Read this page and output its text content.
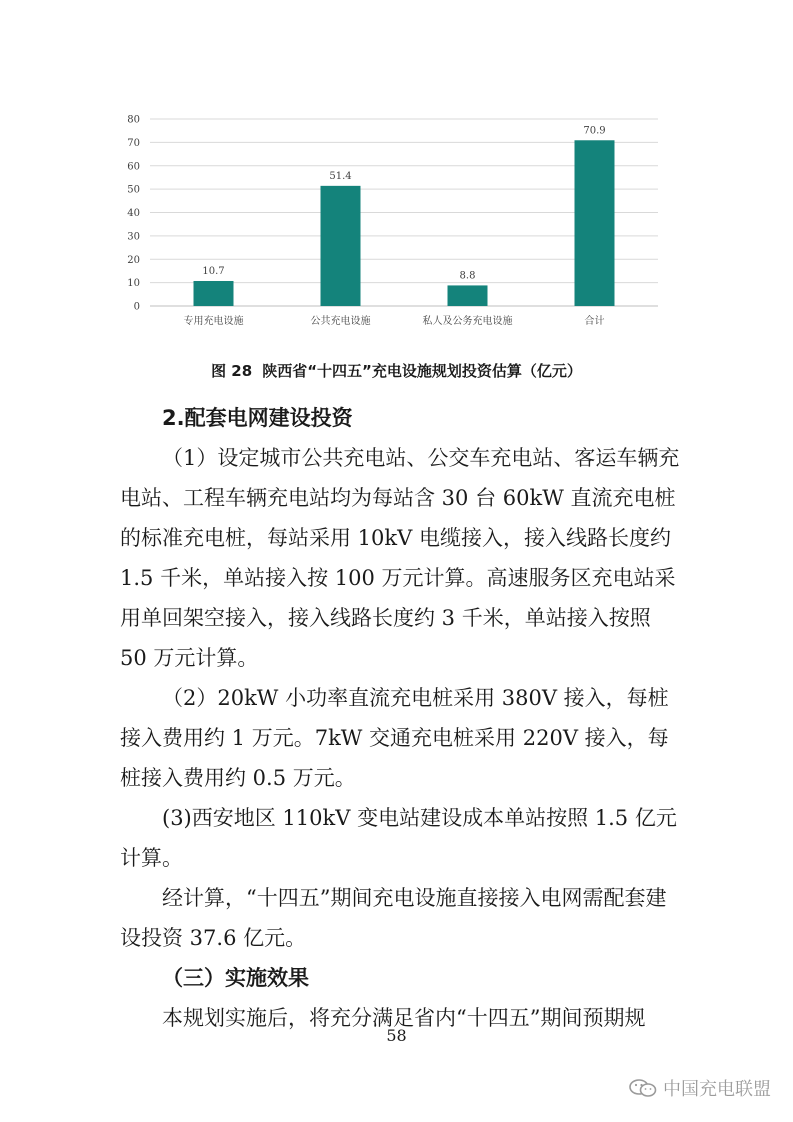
0
10
20
30
40
50
60
70
80
10.7
51.4
8.8
70.9
专用充电设施	公共充电设施	私人及公务充电设施	合计
图 28 陕西省“十四五”充电设施规划投资估算（亿元）

2.配套电网建设投资

（1）设定城市公共充电站、公交车充电站、客运车辆充电站、工程车辆充电站均为每站含 30 台 60kW 直流充电桩的标准充电桩，每站采用 10kV 电缆接入，接入线路长度约 1.5 千米，单站接入按 100 万元计算。高速服务区充电站采用单回架空接入，接入线路长度约 3 千米，单站接入按照 50 万元计算。

（2）20kW 小功率直流充电桩采用 380V 接入，每桩接入费用约 1 万元。7kW 交通充电桩采用 220V 接入，每桩接入费用约 0.5 万元。

(3)西安地区 110kV 变电站建设成本单站按照 1.5 亿元计算。

经计算，“十四五”期间充电设施直接接入电网需配套建设投资 37.6 亿元。

（三）实施效果

本规划实施后，将充分满足省内“十四五”期间预期规

58
中国充电联盟
